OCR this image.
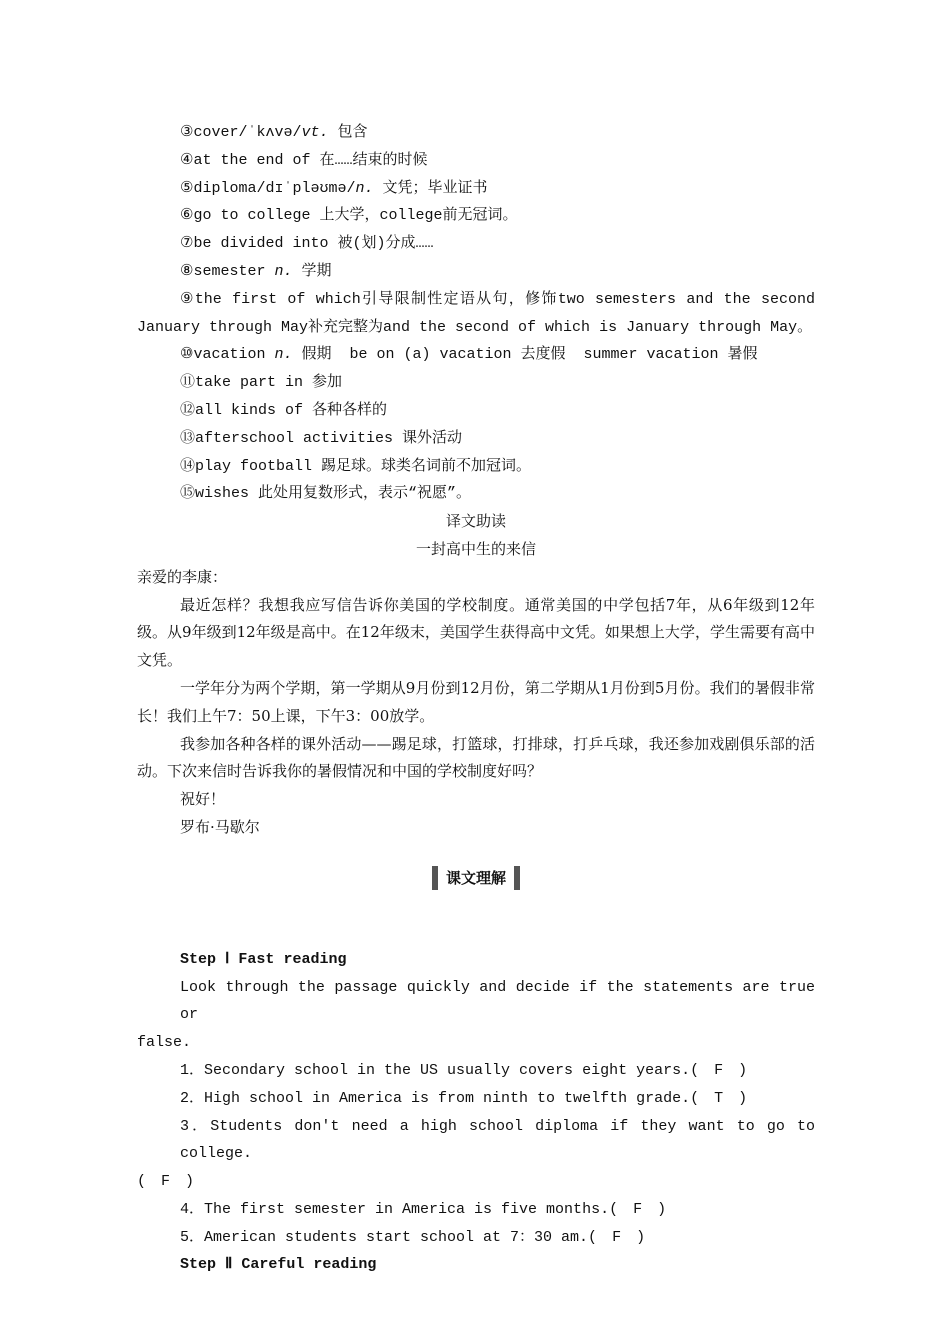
③cover/ˈkʌvə/vt. 包含
④at the end of 在……结束的时候
⑤diploma/dɪˈpləʊmə/n. 文凭；毕业证书
⑥go to college 上大学，college前无冠词。
⑦be divided into 被(划)分成……
⑧semester n. 学期
⑨the first of which引导限制性定语从句，修饰two semesters and the second
January through May补充完整为and the second of which is January through May。
⑩vacation n. 假期  be on (a) vacation 去度假  summer vacation 暑假
⑪take part in 参加
⑫all kinds of 各种各样的
⑬afterschool activities 课外活动
⑭play football 踢足球。球类名词前不加冠词。
⑮wishes 此处用复数形式，表示“祝愿”。
译文助读
一封高中生的来信
亲爱的李康：

最近怎样？我想我应写信告诉你美国的学校制度。通常美国的中学包括7年，从6年级到12年级。从9年级到12年级是高中。在12年级末，美国学生获得高中文凭。如果想上大学，学生需要有高中文凭。

一学年分为两个学期，第一学期从9月份到12月份，第二学期从1月份到5月份。我们的暑假非常长！我们上午7：50上课，下午3：00放学。

我参加各种各样的课外活动——踢足球，打篮球，打排球，打乒乓球，我还参加戏剧俱乐部的活动。下次来信时告诉我你的暑假情况和中国的学校制度好吗？

祝好！
罗布·马歇尔
课文理解
Step Ⅰ Fast reading
Look through the passage quickly and decide if the statements are true or
false.
1．Secondary school in the US usually covers eight years.(　F　)
2．High school in America is from ninth to twelfth grade.(　T　)
3．Students don't need a high school diploma if they want to go to college.
(　F　)
4．The first semester in America is five months.(　F　)
5．American students start school at 7：30 am.(　F　)
Step Ⅱ Careful reading
